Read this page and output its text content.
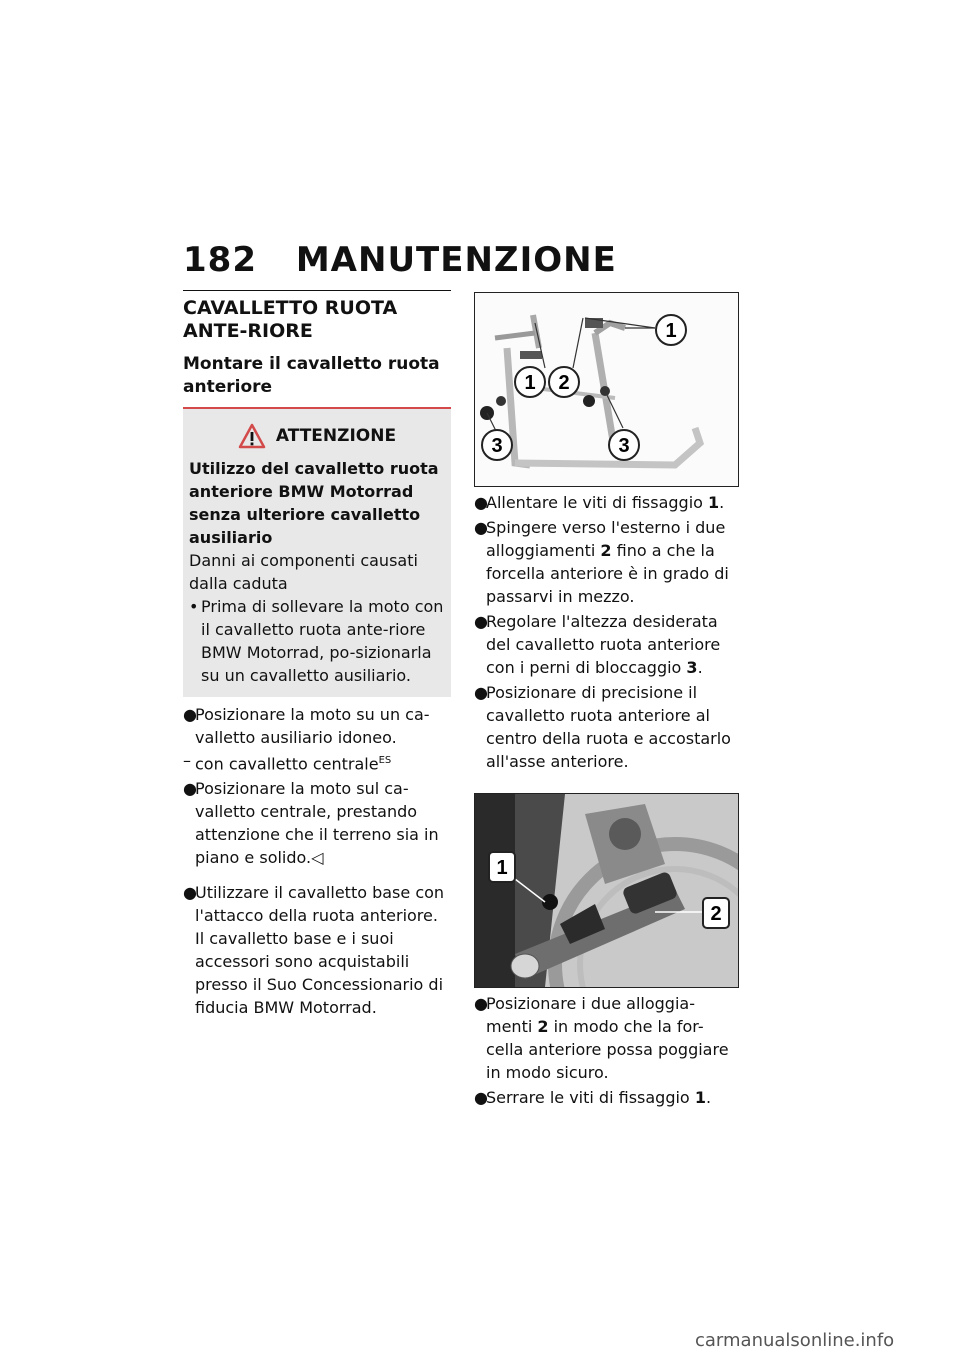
182 MANUTENZIONE
CAVALLETTO RUOTA ANTE-RIORE
Montare il cavalletto ruota anteriore
ATTENZIONE
Utilizzo del cavalletto ruota anteriore BMW Motorrad senza ulteriore cavalletto ausiliario
Danni ai componenti causati dalla caduta
• Prima di sollevare la moto con il cavalletto ruota ante-riore BMW Motorrad, po-sizionarla su un cavalletto ausiliario.
●
Posizionare la moto su un ca-valletto ausiliario idoneo.
– con cavalletto centrale$^{ES}$
●
Posizionare la moto sul ca-valletto centrale, prestando attenzione che il terreno sia in piano e solido.◁
●
Utilizzare il cavalletto base con l'attacco della ruota anteriore. Il cavalletto base e i suoi accessori sono acquistabili presso il Suo Concessionario di fiducia BMW Motorrad.
1
2
1
3	3
●
Allentare le viti di fissaggio 1.
●
Spingere verso l'esterno i due alloggiamenti 2 fino a che la forcella anteriore è in grado di passarvi in mezzo.
●
Regolare l'altezza desiderata del cavalletto ruota anteriore con i perni di bloccaggio 3.
●
Posizionare di precisione il cavalletto ruota anteriore al centro della ruota e accostarlo all'asse anteriore.
1
2
●
Posizionare i due alloggia-menti 2 in modo che la for-cella anteriore possa poggiare in modo sicuro.
●
Serrare le viti di fissaggio 1.
carmanualsonline.info
